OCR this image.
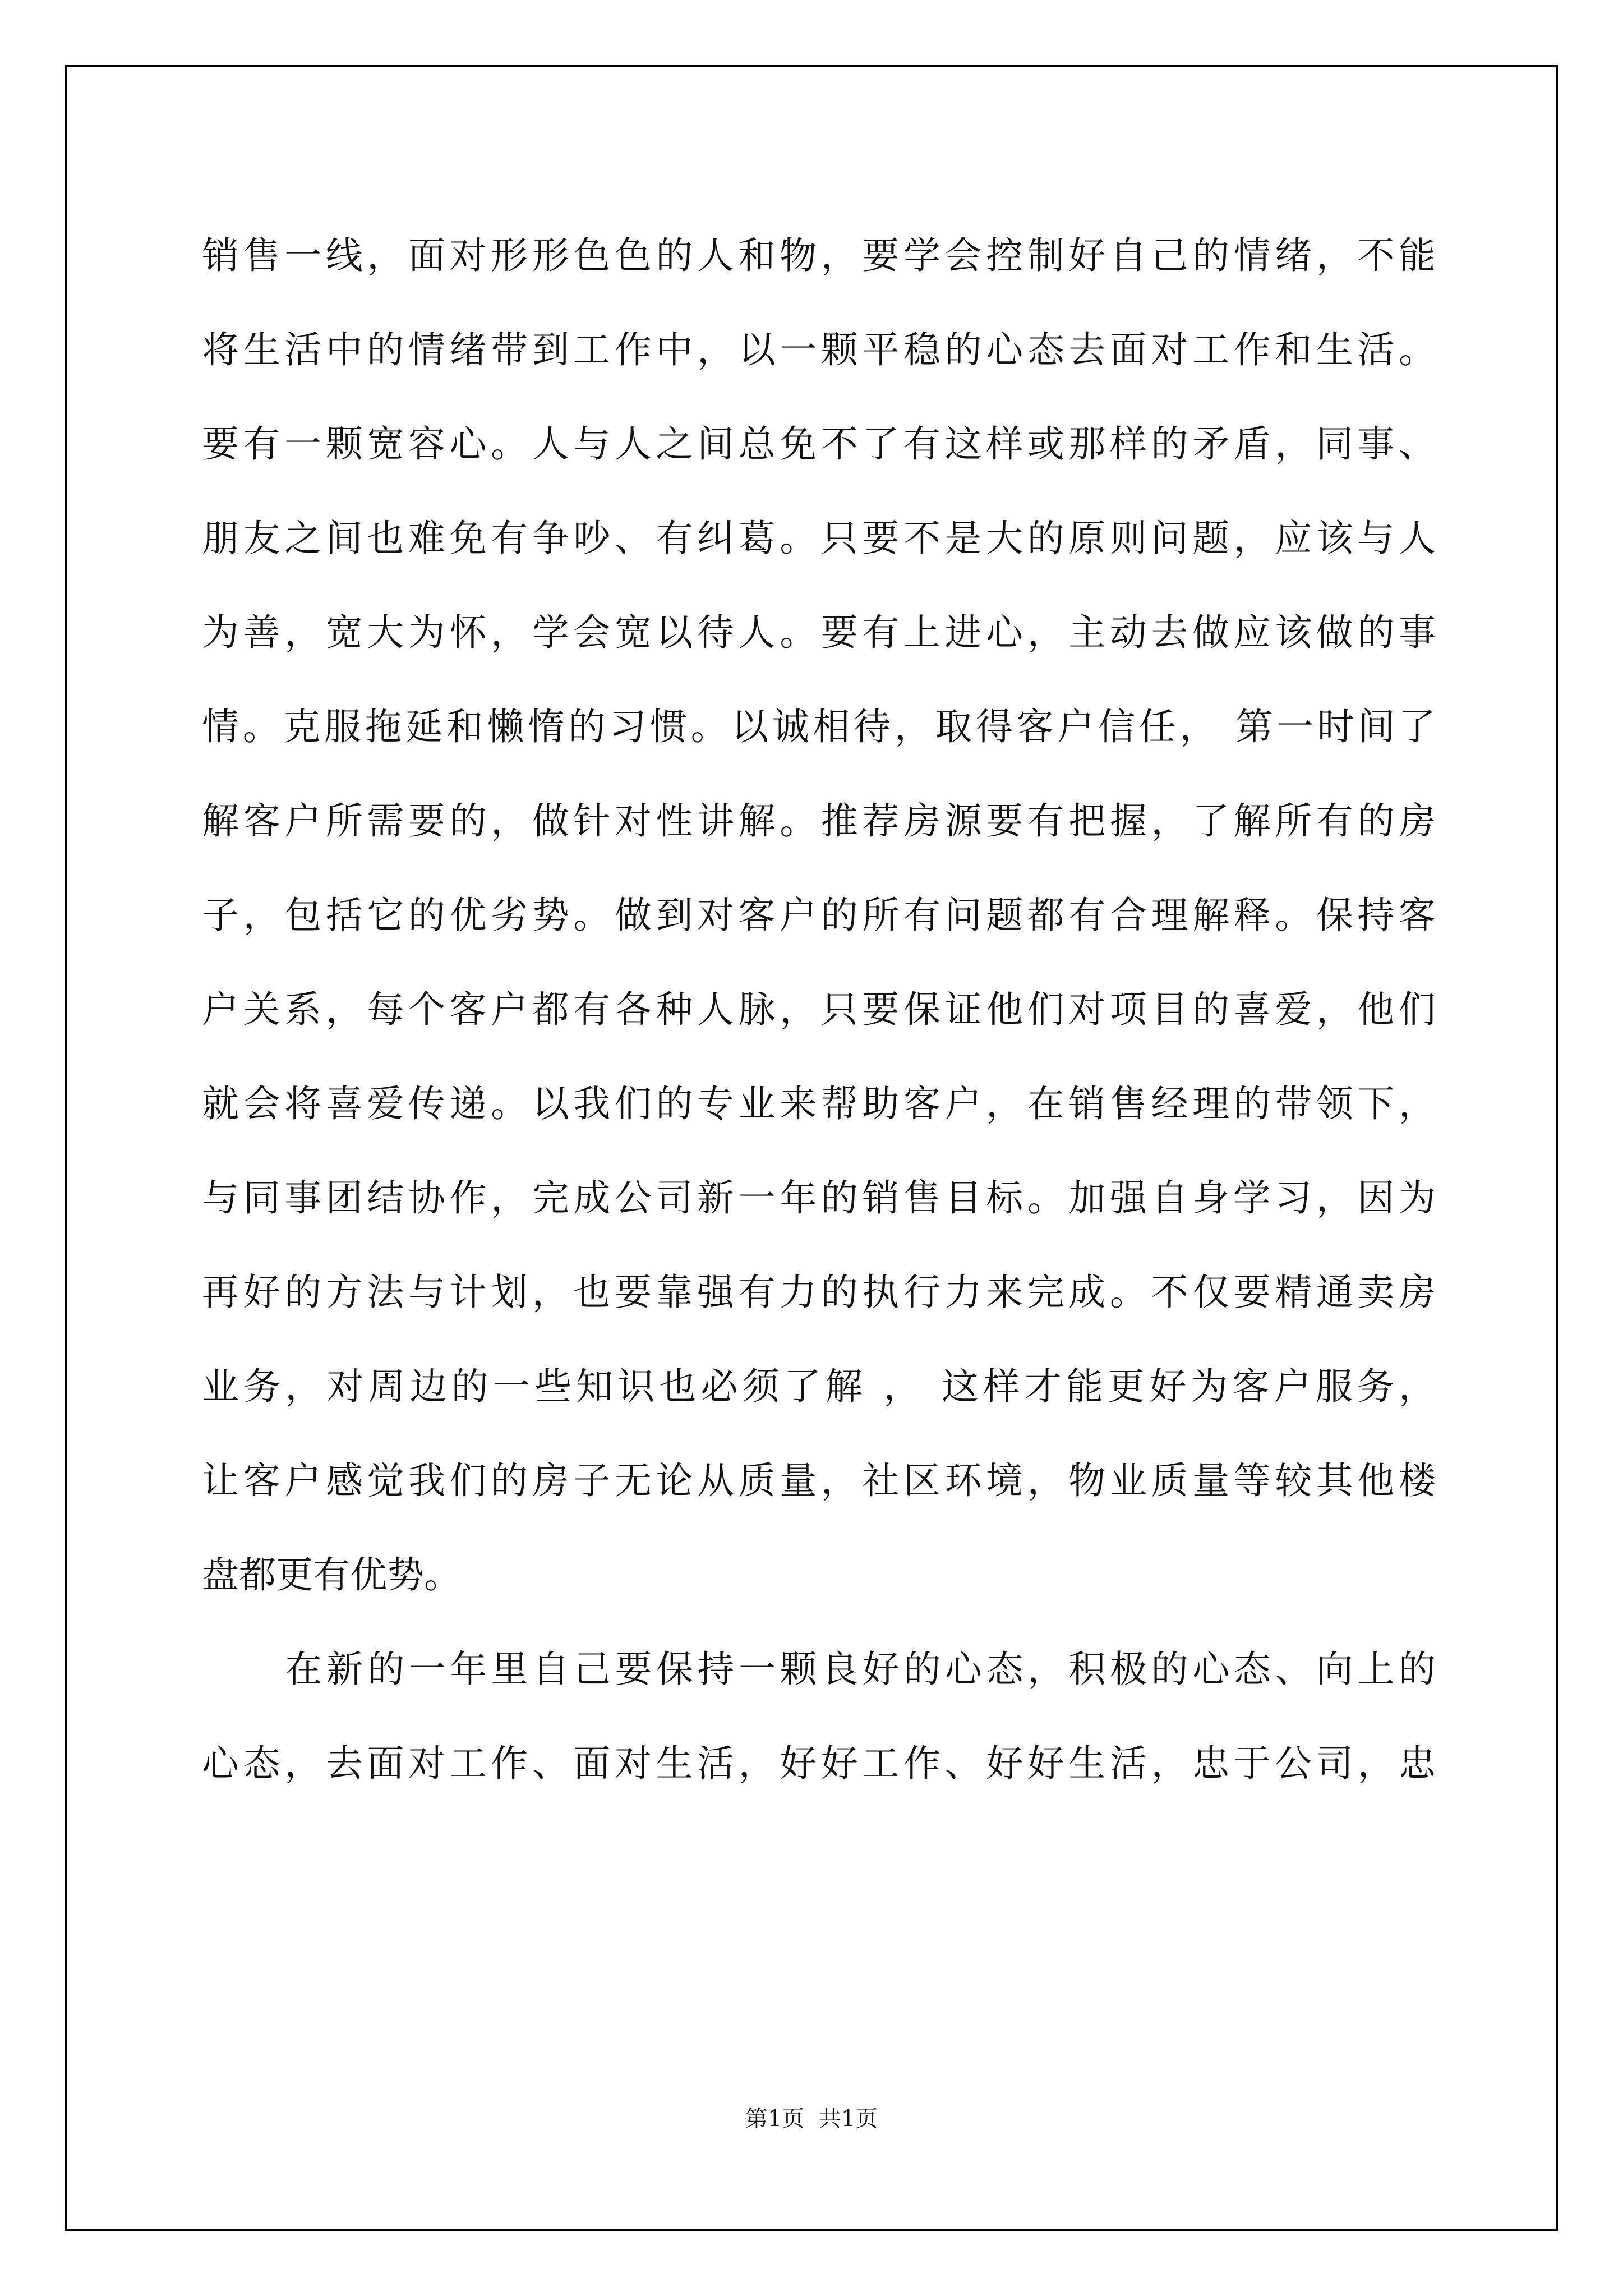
销售一线，面对形形色色的人和物，要学会控制好自己的情绪，不能
将生活中的情绪带到工作中，以一颗平稳的心态去面对工作和生活。
要有一颗宽容心。人与人之间总免不了有这样或那样的矛盾，同事、
朋友之间也难免有争吵、有纠葛。只要不是大的原则问题，应该与人
为善，宽大为怀，学会宽以待人。要有上进心，主动去做应该做的事
情。克服拖延和懒惰的习惯。以诚相待，取得客户信任， 第一时间了
解客户所需要的，做针对性讲解。推荐房源要有把握，了解所有的房
子，包括它的优劣势。做到对客户的所有问题都有合理解释。保持客
户关系，每个客户都有各种人脉，只要保证他们对项目的喜爱，他们
就会将喜爱传递。以我们的专业来帮助客户，在销售经理的带领下，
与同事团结协作，完成公司新一年的销售目标。加强自身学习，因为
再好的方法与计划，也要靠强有力的执行力来完成。不仅要精通卖房
业务，对周边的一些知识也必须了解 ， 这样才能更好为客户服务，
让客户感觉我们的房子无论从质量，社区环境，物业质量等较其他楼
盘都更有优势。
在新的一年里自己要保持一颗良好的心态，积极的心态、向上的
心态，去面对工作、面对生活，好好工作、好好生活，忠于公司，忠
第1页  共1页
